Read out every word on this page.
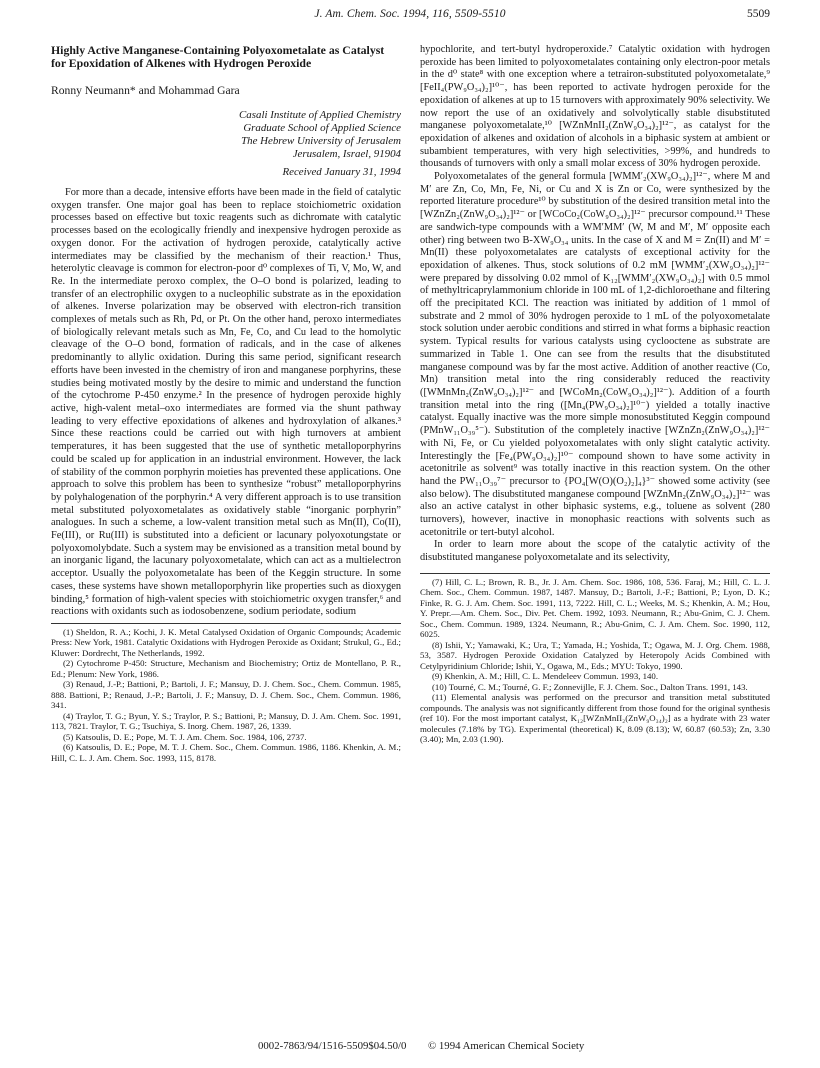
J. Am. Chem. Soc. 1994, 116, 5509-5510	5509
Highly Active Manganese-Containing Polyoxometalate as Catalyst for Epoxidation of Alkenes with Hydrogen Peroxide
Ronny Neumann* and Mohammad Gara
Casali Institute of Applied Chemistry
Graduate School of Applied Science
The Hebrew University of Jerusalem
Jerusalem, Israel, 91904
Received January 31, 1994

For more than a decade, intensive efforts have been made in the field of catalytic oxygen transfer. One major goal has been to replace stoichiometric oxidation processes based on effective but toxic reagents such as dichromate with catalytic processes based on the ecologically friendly and inexpensive hydrogen peroxide as oxygen donor. For the activation of hydrogen peroxide, catalytically active intermediates may be classified by the mechanism of their reaction.¹ Thus, heterolytic cleavage is common for electron-poor d⁰ complexes of Ti, V, Mo, W, and Re. In the intermediate peroxo complex, the O–O bond is polarized, leading to transfer of an electrophilic oxygen to a nucleophilic substrate as in the epoxidation of alkenes. Inverse polarization may be observed with electron-rich transition complexes of metals such as Rh, Pd, or Pt. On the other hand, peroxo intermediates of biologically relevant metals such as Mn, Fe, Co, and Cu lead to the homolytic cleavage of the O–O bond, formation of radicals, and in the case of alkenes predominantly to allylic oxidation. During this same period, significant research efforts have been invested in the chemistry of iron and manganese porphyrins, these studies being motivated mostly by the desire to mimic and understand the function of the cytochrome P-450 enzyme.² In the presence of hydrogen peroxide highly active, high-valent metal–oxo intermediates are formed via the shunt pathway leading to very effective epoxidations of alkenes and hydroxylation of alkanes.³ Since these reactions could be carried out with high turnovers at ambient temperatures, it has been suggested that the use of synthetic metalloporphyrins could be scaled up for application in an industrial environment. However, the lack of stability of the common porphyrin moieties has prevented these applications. One approach to solve this problem has been to synthesize “robust” metalloporphyrins by polyhalogenation of the porphyrin.⁴ A very different approach is to use transition metal substituted polyoxometalates as oxidatively stable “inorganic porphyrin” analogues. In such a scheme, a low-valent transition metal such as Mn(II), Co(II), Fe(III), or Ru(III) is substituted into a deficient or lacunary polyoxotungstate or polyoxomolybdate. Such a system may be envisioned as a transition metal bound by an inorganic ligand, the lacunary polyoxometalate, which can act as a multielectron acceptor. Usually the polyoxometalate has been of the Keggin structure. In some cases, these systems have shown metalloporphyrin like properties such as dioxygen binding,⁵ formation of high-valent species with stoichiometric oxygen transfer,⁶ and reactions with oxidants such as iodosobenzene, sodium periodate, sodium

(1) Sheldon, R. A.; Kochi, J. K. Metal Catalysed Oxidation of Organic Compounds; Academic Press: New York, 1981. Catalytic Oxidations with Hydrogen Peroxide as Oxidant; Strukul, G., Ed.; Kluwer: Dordrecht, The Netherlands, 1992.

(2) Cytochrome P-450: Structure, Mechanism and Biochemistry; Ortiz de Montellano, P. R., Ed.; Plenum: New York, 1986.

(3) Renaud, J.-P.; Battioni, P.; Bartoli, J. F.; Mansuy, D. J. Chem. Soc., Chem. Commun. 1985, 888. Battioni, P.; Renaud, J.-P.; Bartoli, J. F.; Mansuy, D. J. Chem. Soc., Chem. Commun. 1986, 341.

(4) Traylor, T. G.; Byun, Y. S.; Traylor, P. S.; Battioni, P.; Mansuy, D. J. Am. Chem. Soc. 1991, 113, 7821. Traylor, T. G.; Tsuchiya, S. Inorg. Chem. 1987, 26, 1339.

(5) Katsoulis, D. E.; Pope, M. T. J. Am. Chem. Soc. 1984, 106, 2737.

(6) Katsoulis, D. E.; Pope, M. T. J. Chem. Soc., Chem. Commun. 1986, 1186. Khenkin, A. M.; Hill, C. L. J. Am. Chem. Soc. 1993, 115, 8178.

hypochlorite, and tert-butyl hydroperoxide.⁷ Catalytic oxidation with hydrogen peroxide has been limited to polyoxometalates containing only electron-poor metals in the d⁰ state⁸ with one exception where a tetrairon-substituted polyoxometalate,⁹ [FeII₄(PW₉O₃₄)₂]¹⁰⁻, has been reported to activate hydrogen peroxide for the epoxidation of alkenes at up to 15 turnovers with approximately 90% selectivity. We now report the use of an oxidatively and solvolytically stable disubstituted manganese polyoxometalate,¹⁰ [WZnMnII₂(ZnW₉O₃₄)₂]¹²⁻, as catalyst for the epoxidation of alkenes and oxidation of alcohols in a biphasic system at ambient or subambient temperatures, with very high selectivities, >99%, and hundreds to thousands of turnovers with only a small molar excess of 30% hydrogen peroxide.

Polyoxometalates of the general formula [WMM′₂(XW₉O₃₄)₂]¹²⁻, where M and M′ are Zn, Co, Mn, Fe, Ni, or Cu and X is Zn or Co, were synthesized by the reported literature procedure¹⁰ by substitution of the desired transition metal into the [WZnZn₂(ZnW₉O₃₄)₂]¹²⁻ or [WCoCo₂(CoW₉O₃₄)₂]¹²⁻ precursor compound.¹¹ These are sandwich-type compounds with a WM′MM′ (W, M and M′, M′ opposite each other) ring between two B-XW₉O₃₄ units. In the case of X and M = Zn(II) and M′ = Mn(II) these polyoxometalates are catalysts of exceptional activity for the epoxidation of alkenes. Thus, stock solutions of 0.2 mM [WMM′₂(XW₉O₃₄)₂]¹²⁻ were prepared by dissolving 0.02 mmol of K₁₂[WMM′₂(XW₉O₃₄)₂] with 0.5 mmol of methyltricaprylammonium chloride in 100 mL of 1,2-dichloroethane and filtering off the precipitated KCl. The reaction was initiated by addition of 1 mmol of substrate and 2 mmol of 30% hydrogen peroxide to 1 mL of the polyoxometalate stock solution under aerobic conditions and stirred in what forms a biphasic reaction system. Typical results for various catalysts using cyclooctene as substrate are summarized in Table 1. One can see from the results that the disubstituted manganese compound was by far the most active. Addition of another reactive (Co, Mn) transition metal into the ring considerably reduced the reactivity ([WMnMn₂(ZnW₉O₃₄)₂]¹²⁻ and [WCoMn₂(CoW₉O₃₄)₂]¹²⁻). Addition of a fourth transition metal into the ring ([Mn₄(PW₉O₃₄)₂]¹⁰⁻) yielded a totally inactive catalyst. Equally inactive was the more simple monosubstituted Keggin compound (PMnW₁₁O₃₉⁵⁻). Substitution of the completely inactive [WZnZn₂(ZnW₉O₃₄)₂]¹²⁻ with Ni, Fe, or Cu yielded polyoxometalates with only slight catalytic activity. Interestingly the [Fe₄(PW₉O₃₄)₂]¹⁰⁻ compound shown to have some activity in acetonitrile as solvent⁹ was totally inactive in this reaction system. On the other hand the PW₁₁O₃₉⁷⁻ precursor to {PO₄[W(O)(O₂)₂]₄}³⁻ showed some activity (see also below). The disubstituted manganese compound [WZnMn₂(ZnW₉O₃₄)₂]¹²⁻ was also an active catalyst in other biphasic systems, e.g., toluene as solvent (280 turnovers), however, inactive in monophasic reactions with solvents such as acetonitrile or tert-butyl alcohol.

In order to learn more about the scope of the catalytic activity of the disubstituted manganese polyoxometalate and its selectivity,

(7) Hill, C. L.; Brown, R. B., Jr. J. Am. Chem. Soc. 1986, 108, 536. Faraj, M.; Hill, C. L. J. Chem. Soc., Chem. Commun. 1987, 1487. Mansuy, D.; Bartoli, J.-F.; Battioni, P.; Lyon, D. K.; Finke, R. G. J. Am. Chem. Soc. 1991, 113, 7222. Hill, C. L.; Weeks, M. S.; Khenkin, A. M.; Hou, Y. Prepr.—Am. Chem. Soc., Div. Pet. Chem. 1992, 1093. Neumann, R.; Abu-Gnim, C. J. Chem. Soc., Chem. Commun. 1989, 1324. Neumann, R.; Abu-Gnim, C. J. Am. Chem. Soc. 1990, 112, 6025.

(8) Ishii, Y.; Yamawaki, K.; Ura, T.; Yamada, H.; Yoshida, T.; Ogawa, M. J. Org. Chem. 1988, 53, 3587. Hydrogen Peroxide Oxidation Catalyzed by Heteropoly Acids Combined with Cetylpyridinium Chloride; Ishii, Y., Ogawa, M., Eds.; MYU: Tokyo, 1990.

(9) Khenkin, A. M.; Hill, C. L. Mendeleev Commun. 1993, 140.

(10) Tourné, C. M.; Tourné, G. F.; Zonnevijlle, F. J. Chem. Soc., Dalton Trans. 1991, 143.

(11) Elemental analysis was performed on the precursor and transition metal substituted compounds. The analysis was not significantly different from those found for the original synthesis (ref 10). For the most important catalyst, K₁₂[WZnMnII₂(ZnW₉O₃₄)₂] as a hydrate with 23 water molecules (7.18% by TG). Experimental (theoretical) K, 8.09 (8.13); W, 60.87 (60.53); Zn, 3.30 (3.40); Mn, 2.03 (1.90).

0002-7863/94/1516-5509$04.50/0 © 1994 American Chemical Society
